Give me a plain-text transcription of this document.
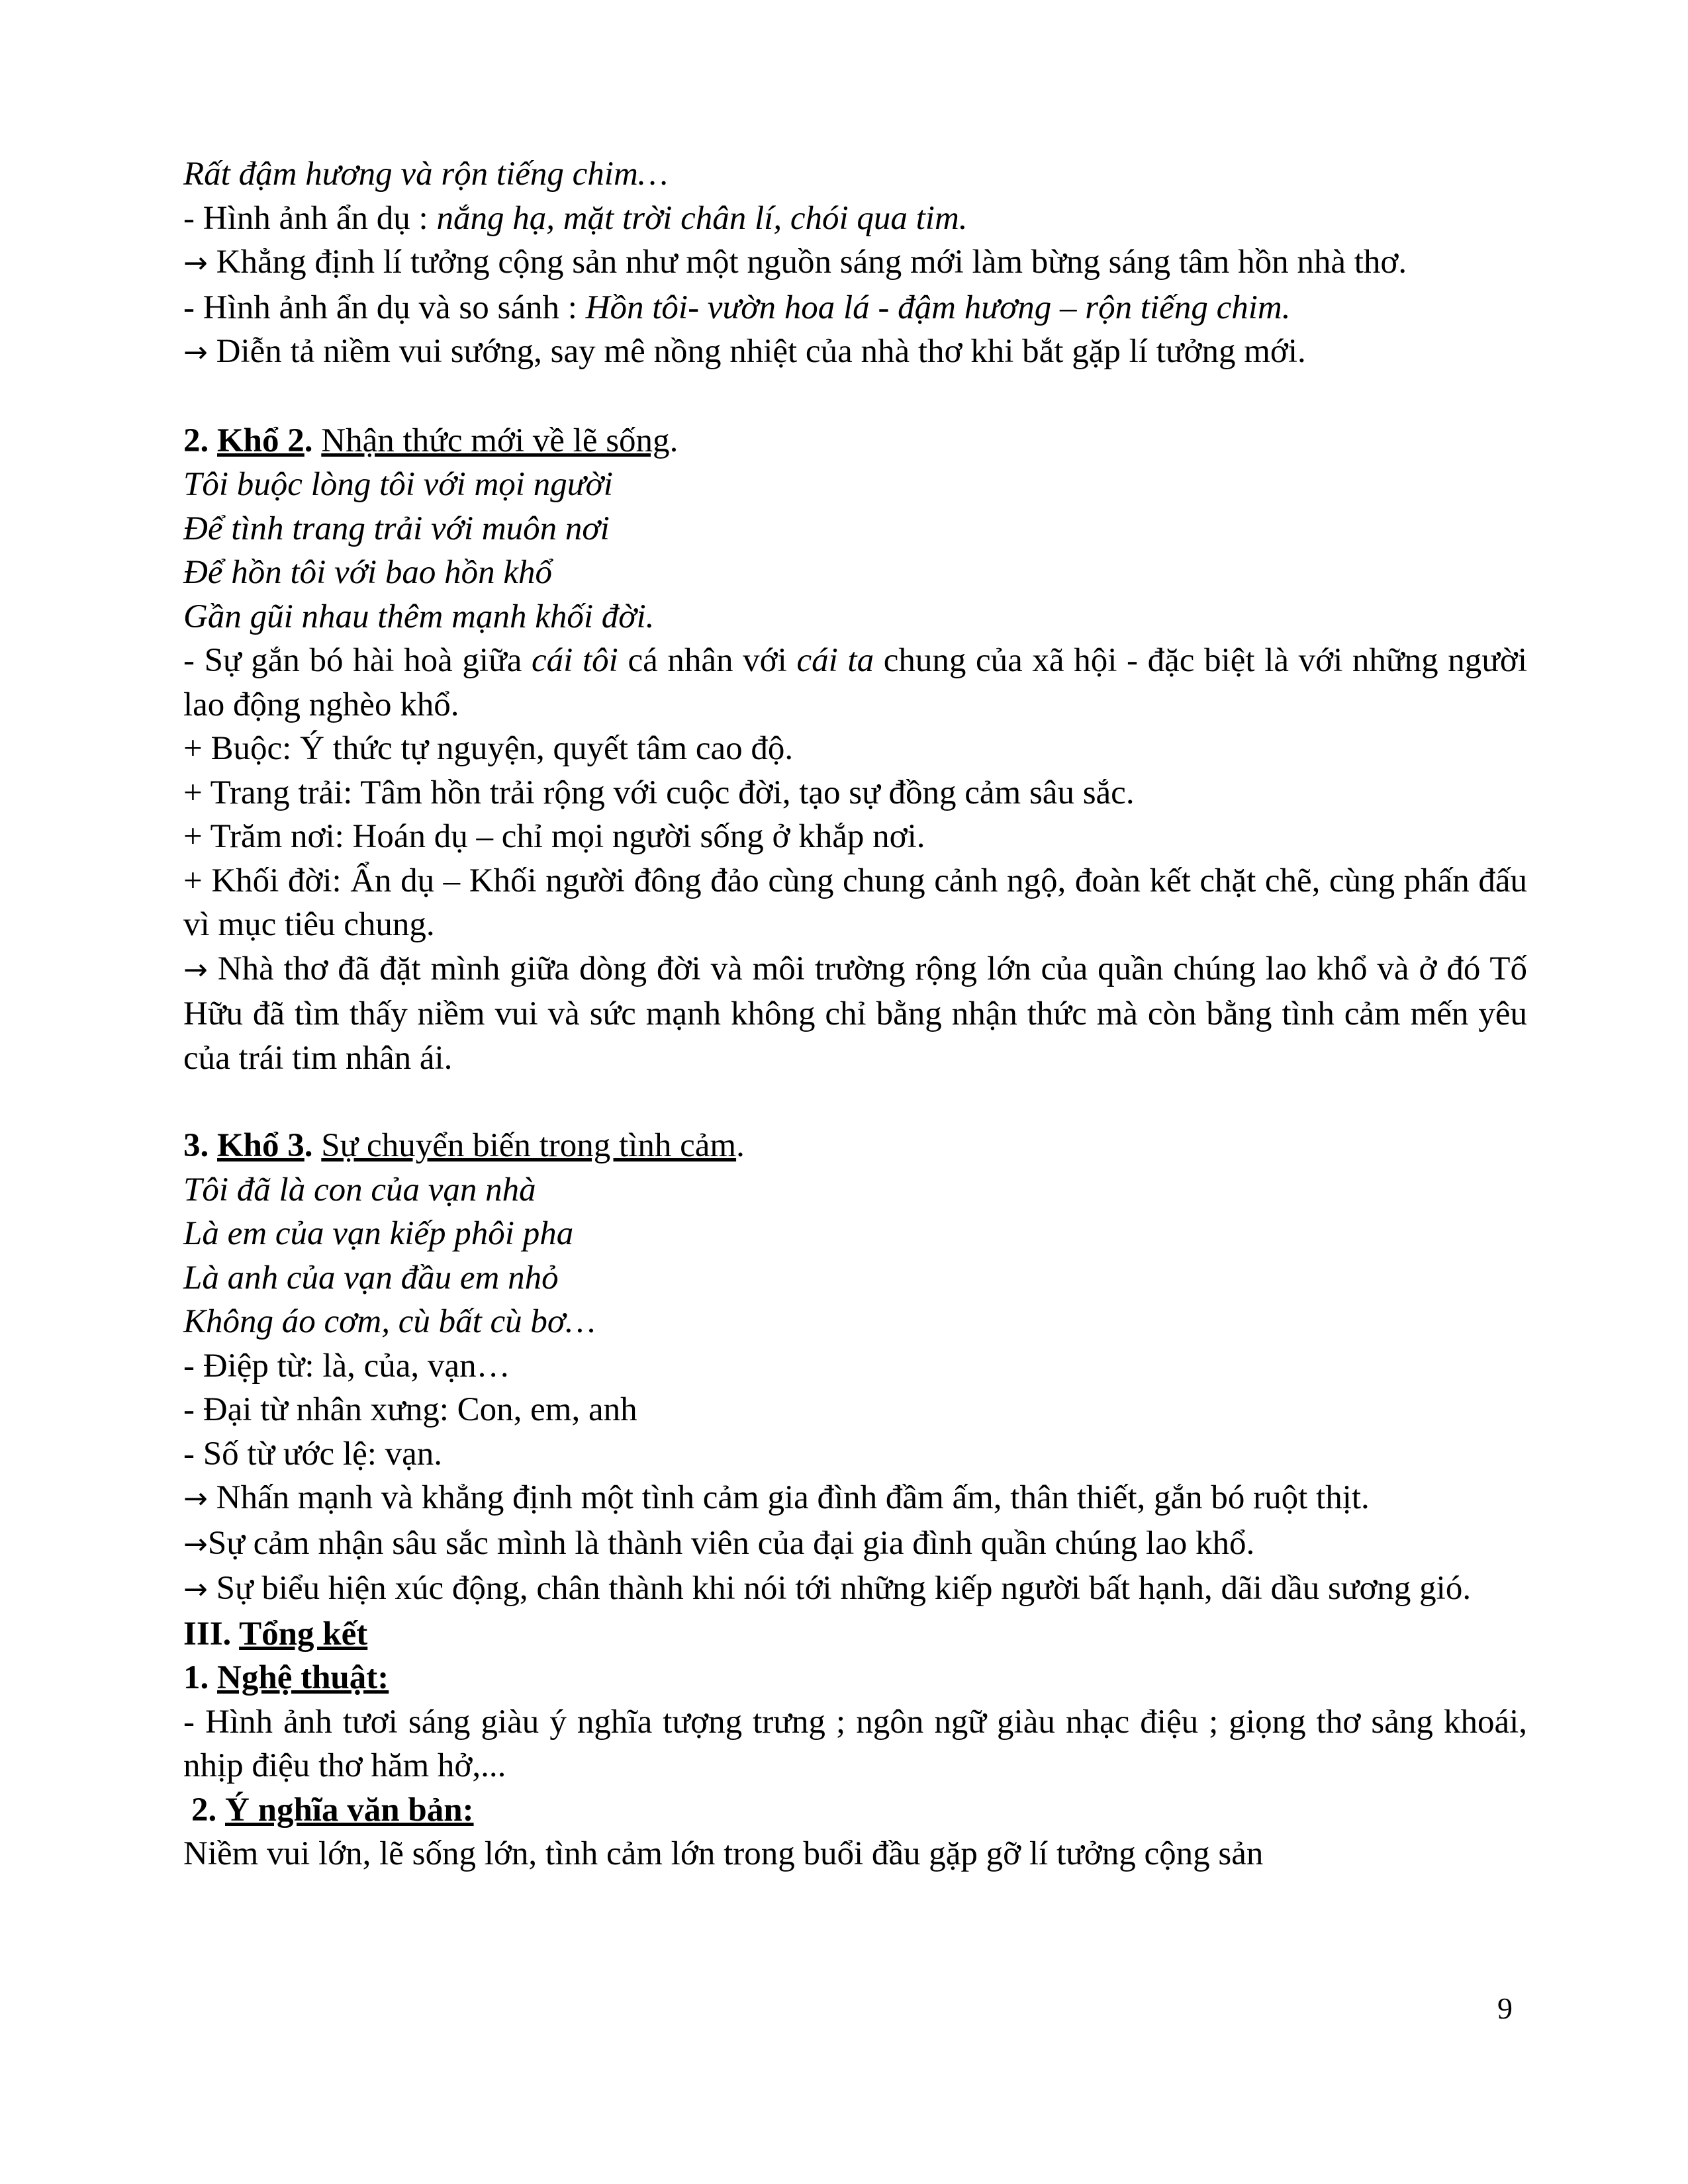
Rất đậm hương và rộn tiếng chim…
- Hình ảnh ẩn dụ : nắng hạ, mặt trời chân lí, chói qua tim.
→ Khẳng định lí tưởng cộng sản như một nguồn sáng mới làm bừng sáng tâm hồn nhà thơ.
- Hình ảnh ẩn dụ và so sánh : Hồn tôi- vườn hoa lá - đậm hương – rộn tiếng chim.
→ Diễn tả niềm vui sướng, say mê nồng nhiệt của nhà thơ khi bắt gặp lí tưởng mới.
2. Khổ 2. Nhận thức mới về lẽ sống.
Tôi buộc lòng tôi với mọi người
Để tình trang trải với muôn nơi
Để hồn tôi với bao hồn khổ
Gần gũi nhau thêm mạnh khối đời.
- Sự gắn bó hài hoà giữa cái tôi cá nhân với cái ta chung của xã hội - đặc biệt là với những người lao động nghèo khổ.
+ Buộc: Ý thức tự nguyện, quyết tâm cao độ.
+ Trang trải: Tâm hồn trải rộng với cuộc đời, tạo sự đồng cảm sâu sắc.
+ Trăm nơi: Hoán dụ – chỉ mọi người sống ở khắp nơi.
+ Khối đời: Ẩn dụ – Khối người đông đảo cùng chung cảnh ngộ, đoàn kết chặt chẽ, cùng phấn đấu vì mục tiêu chung.
→ Nhà thơ đã đặt mình giữa dòng đời và môi trường rộng lớn của quần chúng lao khổ và ở đó Tố Hữu đã tìm thấy niềm vui và sức mạnh không chỉ bằng nhận thức mà còn bằng tình cảm mến yêu của trái tim nhân ái.
3. Khổ 3. Sự chuyển biến trong tình cảm.
Tôi đã là con của vạn nhà
Là em của vạn kiếp phôi pha
Là anh của vạn đầu em nhỏ
Không áo cơm, cù bất cù bơ…
- Điệp từ: là, của, vạn…
- Đại từ nhân xưng: Con, em, anh
- Số từ ước lệ: vạn.
→ Nhấn mạnh và khẳng định một tình cảm gia đình đầm ấm, thân thiết, gắn bó ruột thịt.
→Sự cảm nhận sâu sắc mình là thành viên của đại gia đình quần chúng lao khổ.
→ Sự biểu hiện xúc động, chân thành khi nói tới những kiếp người bất hạnh, dãi dầu sương gió.
III. Tổng kết
1. Nghệ thuật:
- Hình ảnh tươi sáng giàu ý nghĩa tượng trưng ; ngôn ngữ giàu nhạc điệu ; giọng thơ sảng khoái, nhịp điệu thơ hăm hở,...
2. Ý nghĩa văn bản:
Niềm vui lớn, lẽ sống lớn, tình cảm lớn trong buổi đầu gặp gỡ lí tưởng cộng sản
9
